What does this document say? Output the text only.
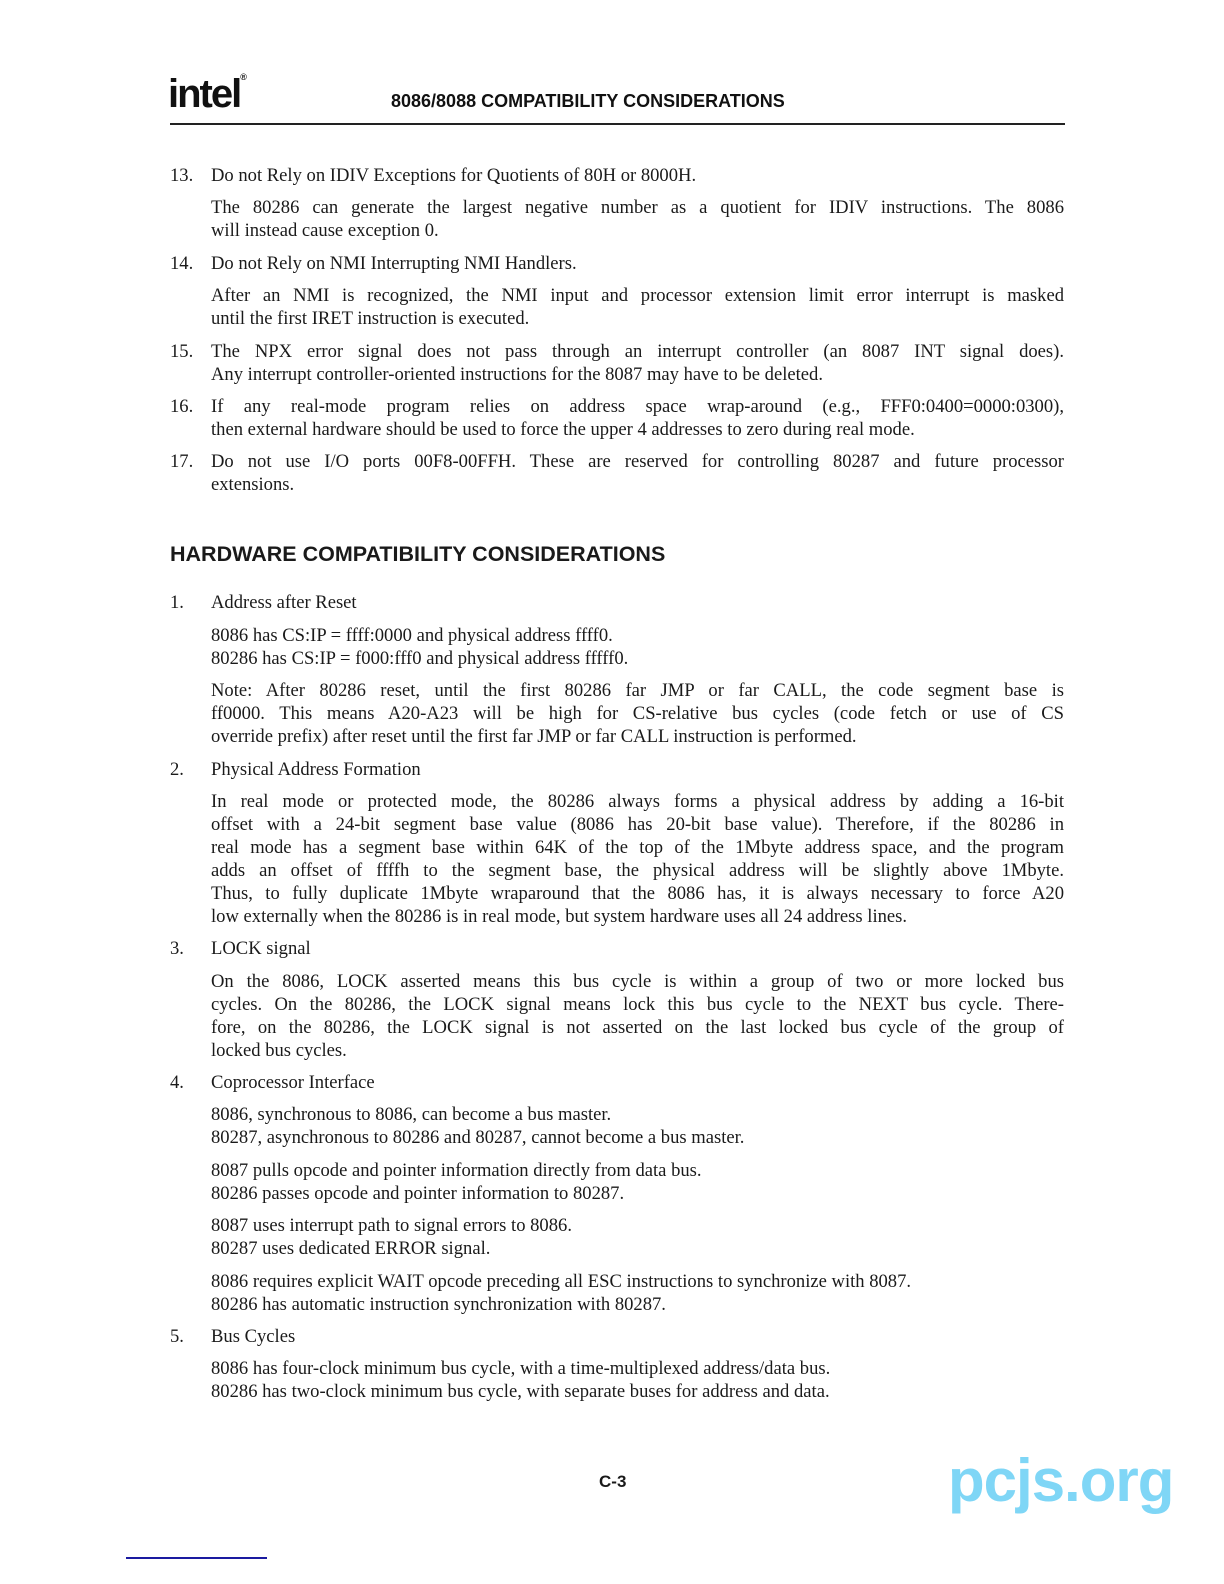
intel®
8086/8088 COMPATIBILITY CONSIDERATIONS
13. Do not Rely on IDIV Exceptions for Quotients of 80H or 8000H.
The 80286 can generate the largest negative number as a quotient for IDIV instructions. The 8086
will instead cause exception 0.
14. Do not Rely on NMI Interrupting NMI Handlers.
After an NMI is recognized, the NMI input and processor extension limit error interrupt is masked
until the first IRET instruction is executed.
15. The NPX error signal does not pass through an interrupt controller (an 8087 INT signal does).
Any interrupt controller-oriented instructions for the 8087 may have to be deleted.
16. If any real-mode program relies on address space wrap-around (e.g., FFF0:0400=0000:0300),
then external hardware should be used to force the upper 4 addresses to zero during real mode.
17. Do not use I/O ports 00F8-00FFH. These are reserved for controlling 80287 and future processor
extensions.
HARDWARE COMPATIBILITY CONSIDERATIONS
1. Address after Reset
8086 has CS:IP = ffff:0000 and physical address ffff0.
80286 has CS:IP = f000:fff0 and physical address fffff0.
Note: After 80286 reset, until the first 80286 far JMP or far CALL, the code segment base is
ff0000. This means A20-A23 will be high for CS-relative bus cycles (code fetch or use of CS
override prefix) after reset until the first far JMP or far CALL instruction is performed.
2. Physical Address Formation
In real mode or protected mode, the 80286 always forms a physical address by adding a 16-bit
offset with a 24-bit segment base value (8086 has 20-bit base value). Therefore, if the 80286 in
real mode has a segment base within 64K of the top of the 1Mbyte address space, and the program
adds an offset of ffffh to the segment base, the physical address will be slightly above 1Mbyte.
Thus, to fully duplicate 1Mbyte wraparound that the 8086 has, it is always necessary to force A20
low externally when the 80286 is in real mode, but system hardware uses all 24 address lines.
3. LOCK signal
On the 8086, LOCK asserted means this bus cycle is within a group of two or more locked bus
cycles. On the 80286, the LOCK signal means lock this bus cycle to the NEXT bus cycle. There-
fore, on the 80286, the LOCK signal is not asserted on the last locked bus cycle of the group of
locked bus cycles.
4. Coprocessor Interface
8086, synchronous to 8086, can become a bus master.
80287, asynchronous to 80286 and 80287, cannot become a bus master.
8087 pulls opcode and pointer information directly from data bus.
80286 passes opcode and pointer information to 80287.
8087 uses interrupt path to signal errors to 8086.
80287 uses dedicated ERROR signal.
8086 requires explicit WAIT opcode preceding all ESC instructions to synchronize with 8087.
80286 has automatic instruction synchronization with 80287.
5. Bus Cycles
8086 has four-clock minimum bus cycle, with a time-multiplexed address/data bus.
80286 has two-clock minimum bus cycle, with separate buses for address and data.
C-3	pcjs.org
